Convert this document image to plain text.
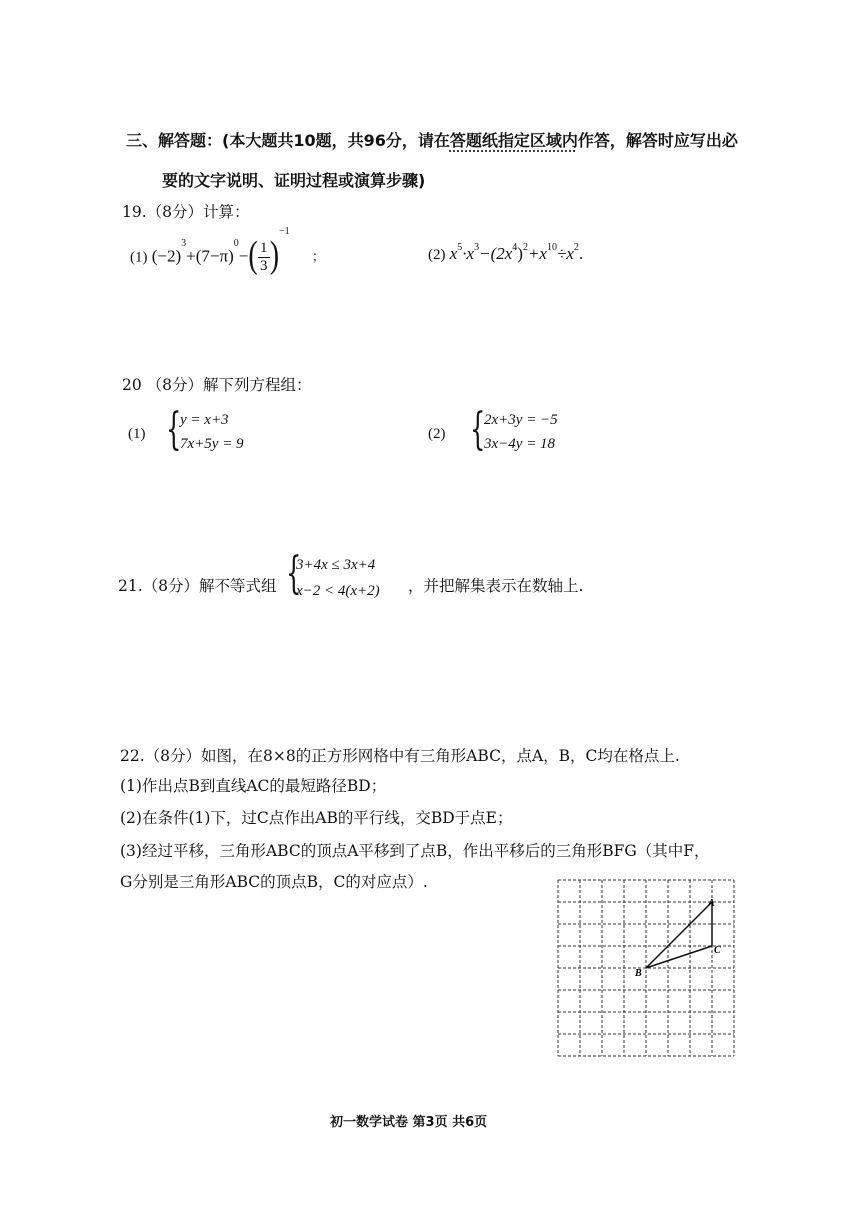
三、解答题：(本大题共10题，共96分，请在答题纸指定区域内作答，解答时应写出必
要的文字说明、证明过程或演算步骤)
19.（8分）计算：
(1) $(-2)^3+(7-\pi)^0-( \frac{1}{3} )^{-1}$ ；	(2) $x^5\cdot x^3-(2x^4)^2+x^{10}\div x^2$.
20 （8分）解下列方程组：
(1) {
y = x+3
7x+5y = 9
(2) {
2x+3y = −5
3x−4y = 18
21.（8分）解不等式组 {
3+4x ≤ 3x+4
x−2 < 4(x+2) ，并把解集表示在数轴上.
22.（8分）如图，在8×8的正方形网格中有三角形ABC，点A，B，C均在格点上.
(1)作出点B到直线AC的最短路径BD；
(2)在条件(1)下，过C点作出AB的平行线，交BD于点E；
(3)经过平移，三角形ABC的顶点A平移到了点B，作出平移后的三角形BFG（其中F，
G分别是三角形ABC的顶点B，C的对应点）.
A
B
C
初一数学试卷 第3页 共6页
